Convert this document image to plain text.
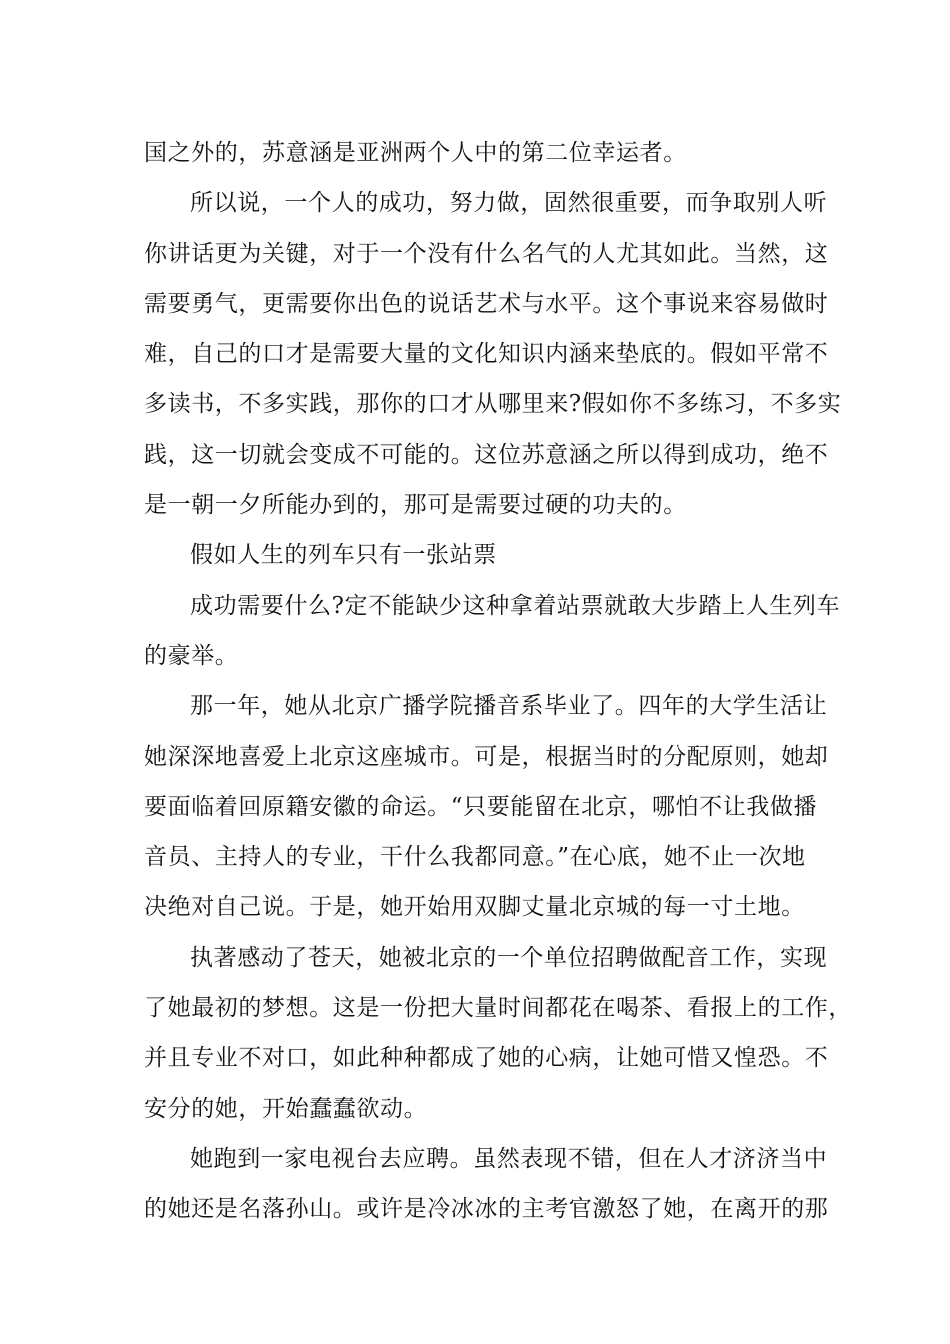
国之外的，苏意涵是亚洲两个人中的第二位幸运者。
所以说，一个人的成功，努力做，固然很重要，而争取别人听
你讲话更为关键，对于一个没有什么名气的人尤其如此。当然，这
需要勇气，更需要你出色的说话艺术与水平。这个事说来容易做时
难，自己的口才是需要大量的文化知识内涵来垫底的。假如平常不
多读书，不多实践，那你的口才从哪里来?假如你不多练习，不多实
践，这一切就会变成不可能的。这位苏意涵之所以得到成功，绝不
是一朝一夕所能办到的，那可是需要过硬的功夫的。
假如人生的列车只有一张站票
成功需要什么?定不能缺少这种拿着站票就敢大步踏上人生列车
的豪举。
那一年，她从北京广播学院播音系毕业了。四年的大学生活让
她深深地喜爱上北京这座城市。可是，根据当时的分配原则，她却
要面临着回原籍安徽的命运。“只要能留在北京，哪怕不让我做播
音员、主持人的专业，干什么我都同意。”在心底，她不止一次地
决绝对自己说。于是，她开始用双脚丈量北京城的每一寸土地。
执著感动了苍天，她被北京的一个单位招聘做配音工作，实现
了她最初的梦想。这是一份把大量时间都花在喝茶、看报上的工作，
并且专业不对口，如此种种都成了她的心病，让她可惜又惶恐。不
安分的她，开始蠢蠢欲动。
她跑到一家电视台去应聘。虽然表现不错，但在人才济济当中
的她还是名落孙山。或许是冷冰冰的主考官激怒了她，在离开的那
